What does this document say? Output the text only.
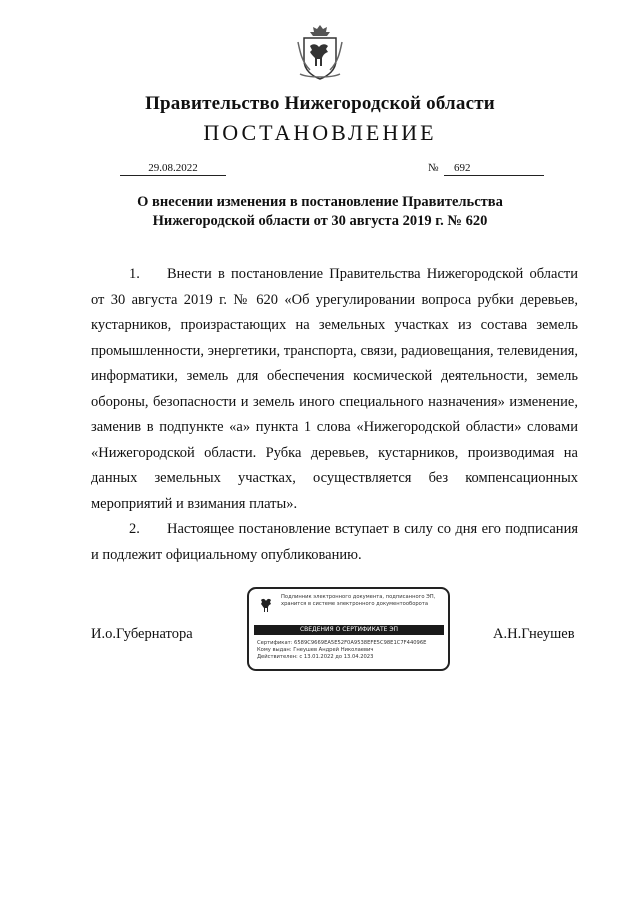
Правительство Нижегородской области
ПОСТАНОВЛЕНИЕ
29.08.2022	№	692
О внесении изменения в постановление Правительства
Нижегородской области от 30 августа 2019 г. № 620

1. Внести в постановление Правительства Нижегородской области от 30 августа 2019 г. № 620 «Об урегулировании вопроса рубки деревьев, кустарников, произрастающих на земельных участках из состава земель промышленности, энергетики, транспорта, связи, радиовещания, телевидения, информатики, земель для обеспечения космической деятельности, земель обороны, безопасности и земель иного специального назначения» изменение, заменив в подпункте «а» пункта 1 слова «Нижегородской области» словами «Нижегородской области. Рубка деревьев, кустарников, производимая на данных земельных участках, осуществляется без компенсационных мероприятий и взимания платы».

2. Настоящее постановление вступает в силу со дня его подписания и подлежит официальному опубликованию.

И.о.Губернатора	А.Н.Гнеушев
Подлинник электронного документа, подписанного ЭП,
хранится в системе электронного документооборота
СВЕДЕНИЯ О СЕРТИФИКАТЕ ЭП
Сертификат: 6589C9669EA5E52F0A9538EFE5C98E1C7F44096E
Кому выдан: Гнеушев Андрей Николаевич
Действителен: с 13.01.2022 до 13.04.2023
